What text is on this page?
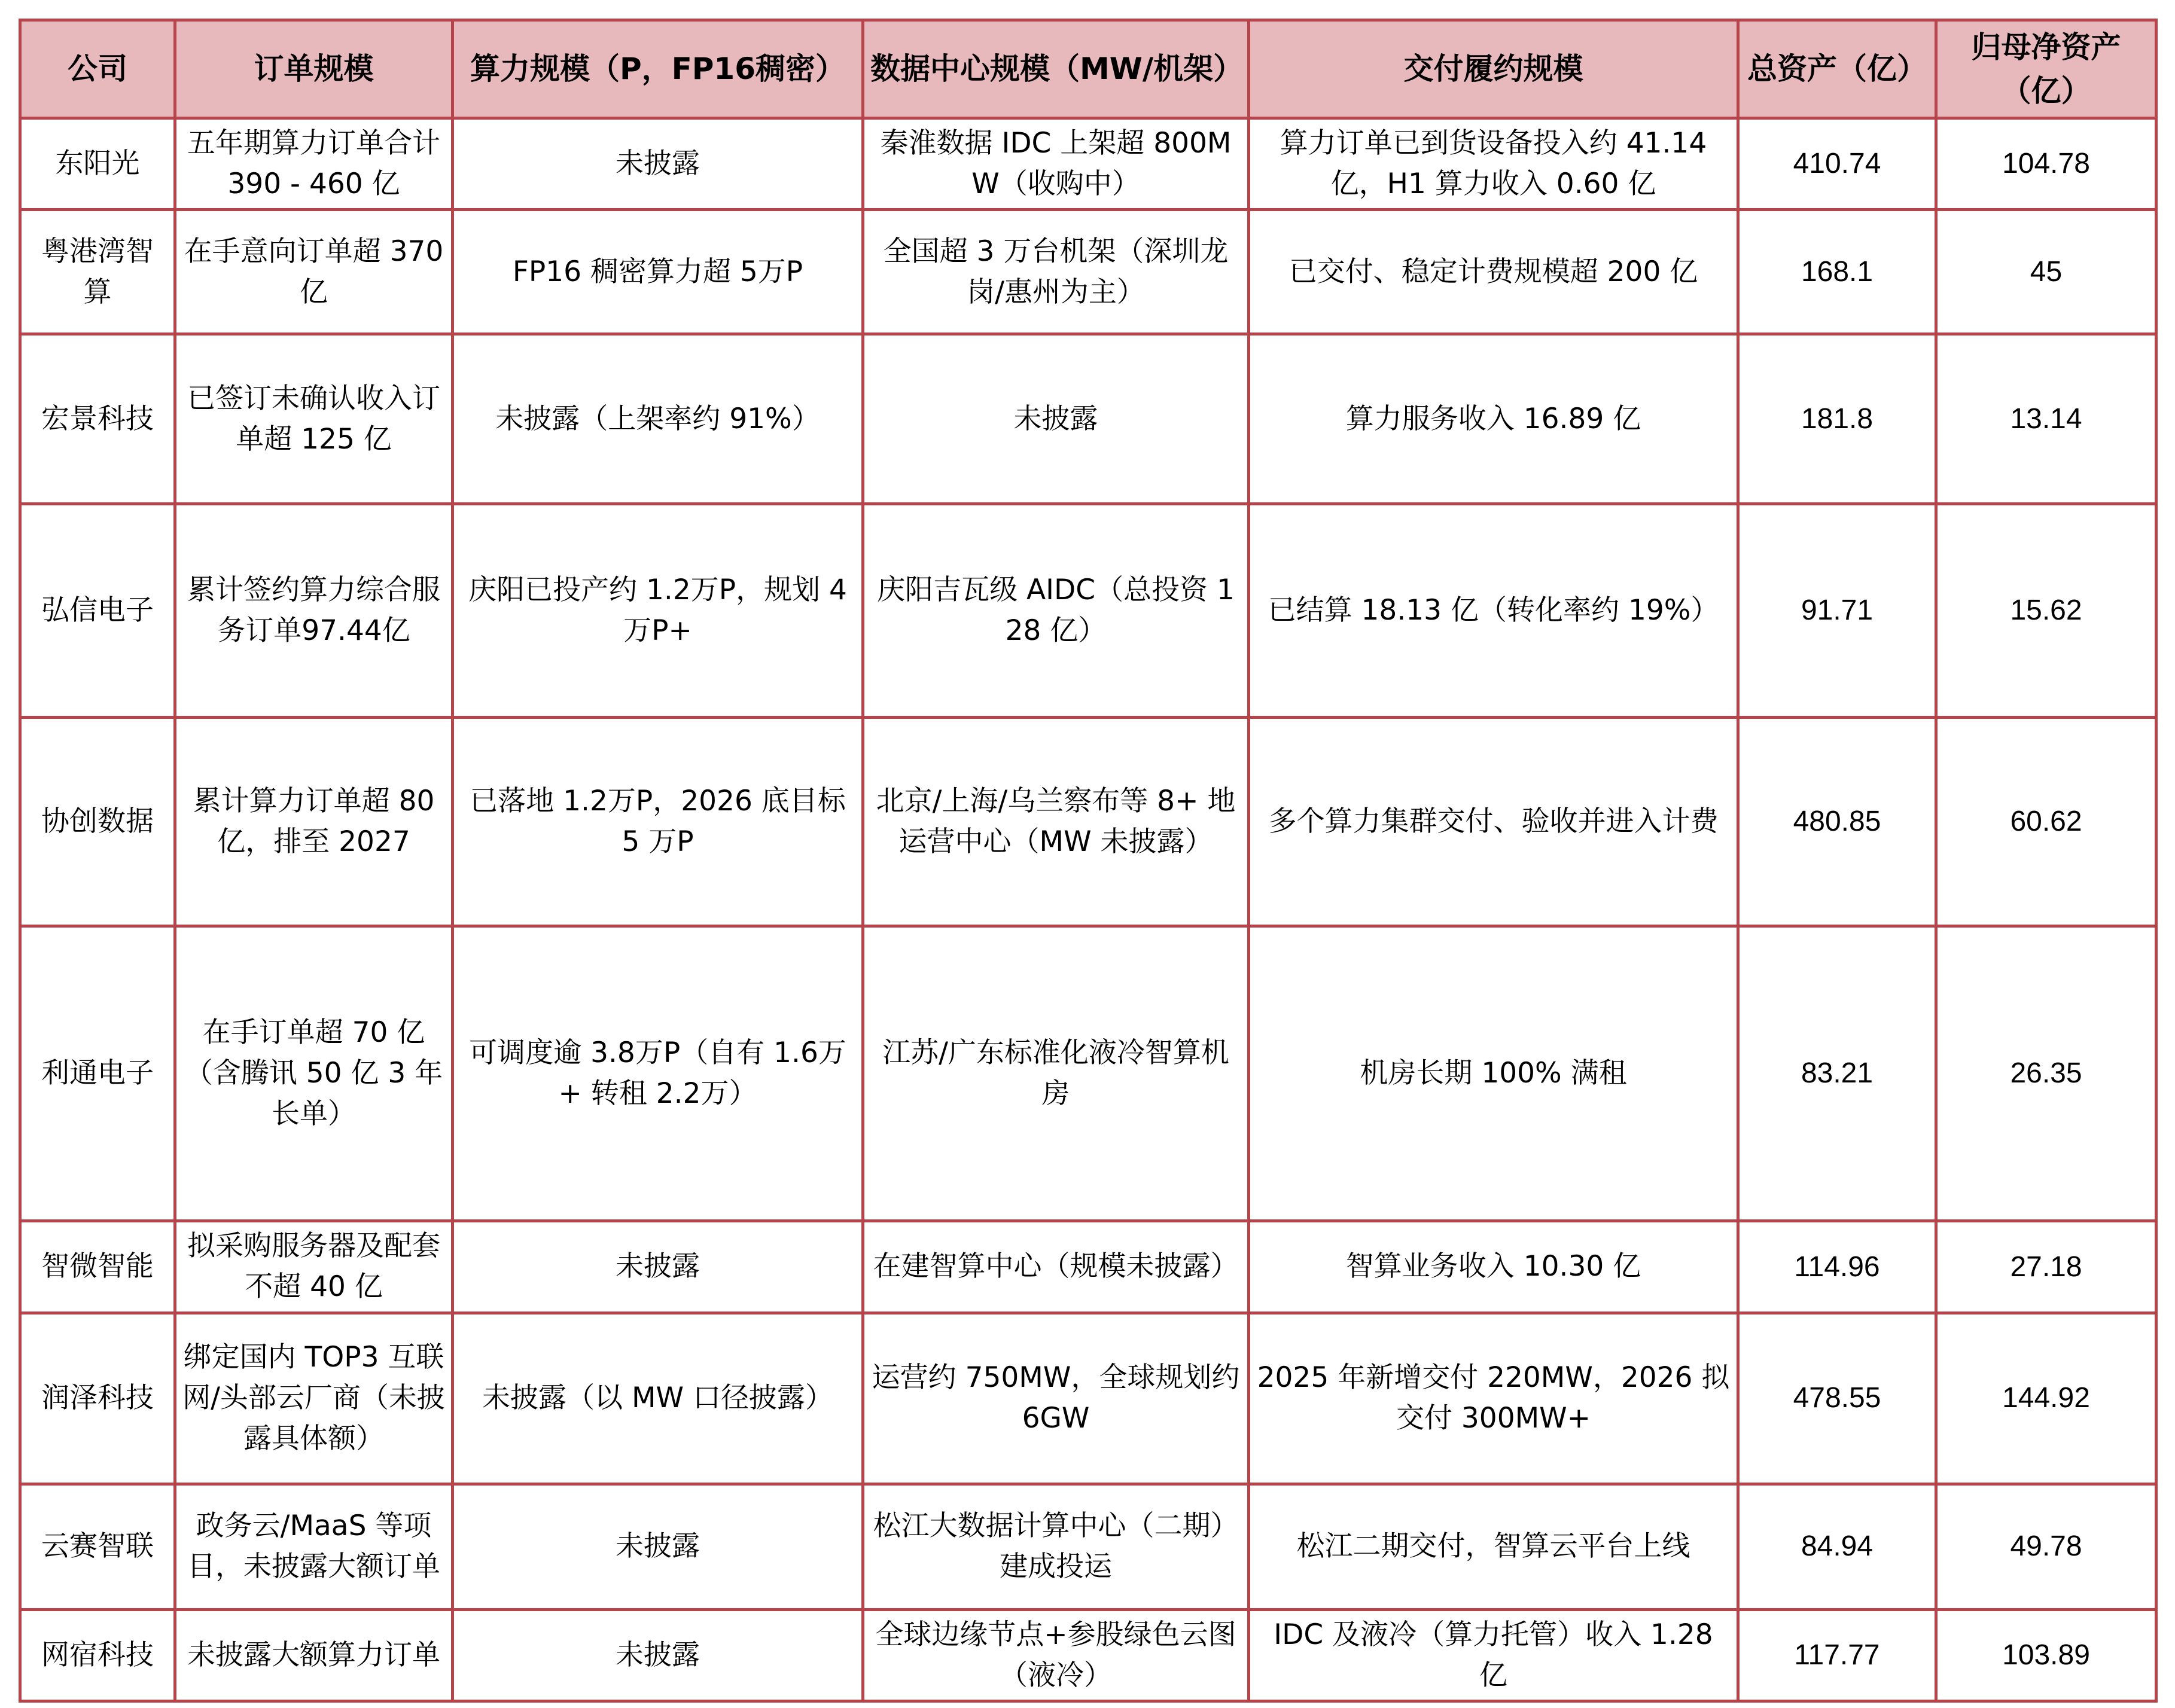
公司	订单规模	算力规模（P，FP16稠密）	数据中心规模（MW/机架）	交付履约规模	总资产（亿）	归母净资产（亿）
东阳光	五年期算力订单合计 390 - 460 亿	未披露	秦淮数据 IDC 上架超 800MW（收购中）	算力订单已到货设备投入约 41.14 亿，H1 算力收入 0.60 亿	410.74	104.78
粤港湾智算	在手意向订单超 370 亿	FP16 稠密算力超 5万P	全国超 3 万台机架（深圳龙岗/惠州为主）	已交付、稳定计费规模超 200 亿	168.1	45
宏景科技	已签订未确认收入订单超 125 亿	未披露（上架率约 91%）	未披露	算力服务收入 16.89 亿	181.8	13.14
弘信电子	累计签约算力综合服务订单97.44亿	庆阳已投产约 1.2万P，规划 4 万P+	庆阳吉瓦级 AIDC（总投资 128 亿）	已结算 18.13 亿（转化率约 19%）	91.71	15.62
协创数据	累计算力订单超 80 亿，排至 2027	已落地 1.2万P，2026 底目标 5 万P	北京/上海/乌兰察布等 8+ 地运营中心（MW 未披露）	多个算力集群交付、验收并进入计费	480.85	60.62
利通电子	在手订单超 70 亿（含腾讯 50 亿 3 年长单）	可调度逾 3.8万P（自有 1.6万 + 转租 2.2万）	江苏/广东标准化液冷智算机房	机房长期 100% 满租	83.21	26.35
智微智能	拟采购服务器及配套不超 40 亿	未披露	在建智算中心（规模未披露）	智算业务收入 10.30 亿	114.96	27.18
润泽科技	绑定国内 TOP3 互联网/头部云厂商（未披露具体额）	未披露（以 MW 口径披露）	运营约 750MW，全球规划约 6GW	2025 年新增交付 220MW，2026 拟交付 300MW+	478.55	144.92
云赛智联	政务云/MaaS 等项目，未披露大额订单	未披露	松江大数据计算中心（二期）建成投运	松江二期交付，智算云平台上线	84.94	49.78
网宿科技	未披露大额算力订单	未披露	全球边缘节点+参股绿色云图（液冷）	IDC 及液冷（算力托管）收入 1.28 亿	117.77	103.89
